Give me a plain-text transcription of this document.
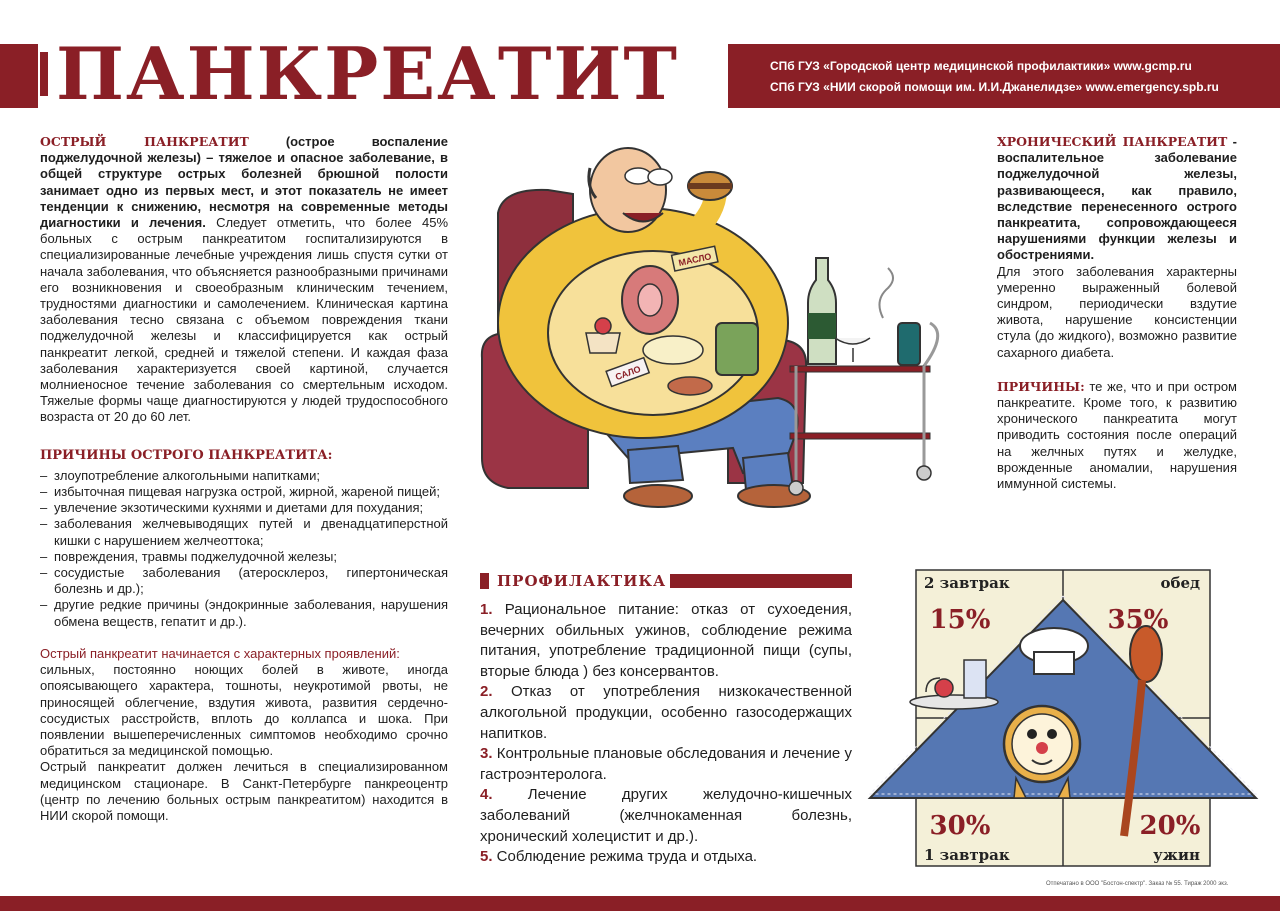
ПАНКРЕАТИТ	СПб ГУЗ «Городской центр медицинской профилактики» www.gcmp.ru
СПб ГУЗ «НИИ скорой помощи им. И.И.Джанелидзе» www.emergency.spb.ru

ОСТРЫЙ ПАНКРЕАТИТ (острое воспаление поджелудочной железы) – тяжелое и опасное заболевание, в общей структуре острых болезней брюшной полости занимает одно из первых мест, и этот показатель не имеет тенденции к снижению, несмотря на современные методы диагностики и лечения. Следует отметить, что более 45% больных с острым панкреатитом госпитализируются в специализированные лечебные учреждения лишь спустя сутки от начала заболевания, что объясняется разнообразными причинами его возникновения и своеобразным клиническим течением, трудностями диагностики и самолечением. Клиническая картина заболевания тесно связана с объемом повреждения ткани поджелудочной железы и классифицируется как острый панкреатит легкой, средней и тяжелой степени. И каждая фаза заболевания характеризуется своей картиной, случается молниеносное течение заболевания со смертельным исходом. Тяжелые формы чаще диагностируются у людей трудоспособного возраста от 20 до 60 лет.

ПРИЧИНЫ ОСТРОГО ПАНКРЕАТИТА:
– злоупотребление алкогольными напитками;
– избыточная пищевая нагрузка острой, жирной, жареной пищей;
– увлечение экзотическими кухнями и диетами для похудания;
– заболевания желчевыводящих путей и двенадцатиперстной кишки с нарушением желчеоттока;
– повреждения, травмы поджелудочной железы;
– сосудистые заболевания (атеросклероз, гипертоническая болезнь и др.);
– другие редкие причины (эндокринные заболевания, нарушения обмена веществ, гепатит и др.).

Острый панкреатит начинается с характерных проявлений:

сильных, постоянно ноющих болей в животе, иногда опоясывающего характера, тошноты, неукротимой рвоты, не приносящей облегчение, вздутия живота, развития сердечно-сосудистых расстройств, вплоть до коллапса и шока. При появлении вышеперечисленных симптомов необходимо срочно обратиться за медицинской помощью.

Острый панкреатит должен лечиться в специализированном медицинском стационаре. В Санкт-Петербурге панкреоцентр (центр по лечению больных острым панкреатитом) находится в НИИ скорой помощи.

МАСЛО
САЛО

ХРОНИЧЕСКИЙ ПАНКРЕАТИТ - воспалительное заболевание поджелудочной железы, развивающееся, как правило, вследствие перенесенного острого панкреатита, сопровождающееся нарушениями функции железы и обострениями.

Для этого заболевания характерны умеренно выраженный болевой синдром, периодически вздутие живота, нарушение консистенции стула (до жидкого), возможно развитие сахарного диабета.

ПРИЧИНЫ: те же, что и при остром панкреатите. Кроме того, к развитию хронического панкреатита могут приводить состояния после операций на желчных путях и желудке, врожденные аномалии, нарушения иммунной системы.

ПРОФИЛАКТИКА

1. Рациональное питание: отказ от сухоедения, вечерних обильных ужинов, соблюдение режима питания, употребление традиционной пищи (супы, вторые блюда ) без консервантов.

2. Отказ от употребления низкокачественной алкогольной продукции, особенно газосодержащих напитков.

3. Контрольные плановые обследования и лечение у гастроэнтеролога.

4. Лечение других желудочно-кишечных заболеваний (желчнокаменная болезнь, хронический холецистит и др.).

5. Соблюдение режима труда и отдыха.

2 завтрак
15%
обед
35%
30%
1 завтрак
20%
ужин
Отпечатано в ООО "Бостон-спектр". Заказ № 55. Тираж 2000 экз.
